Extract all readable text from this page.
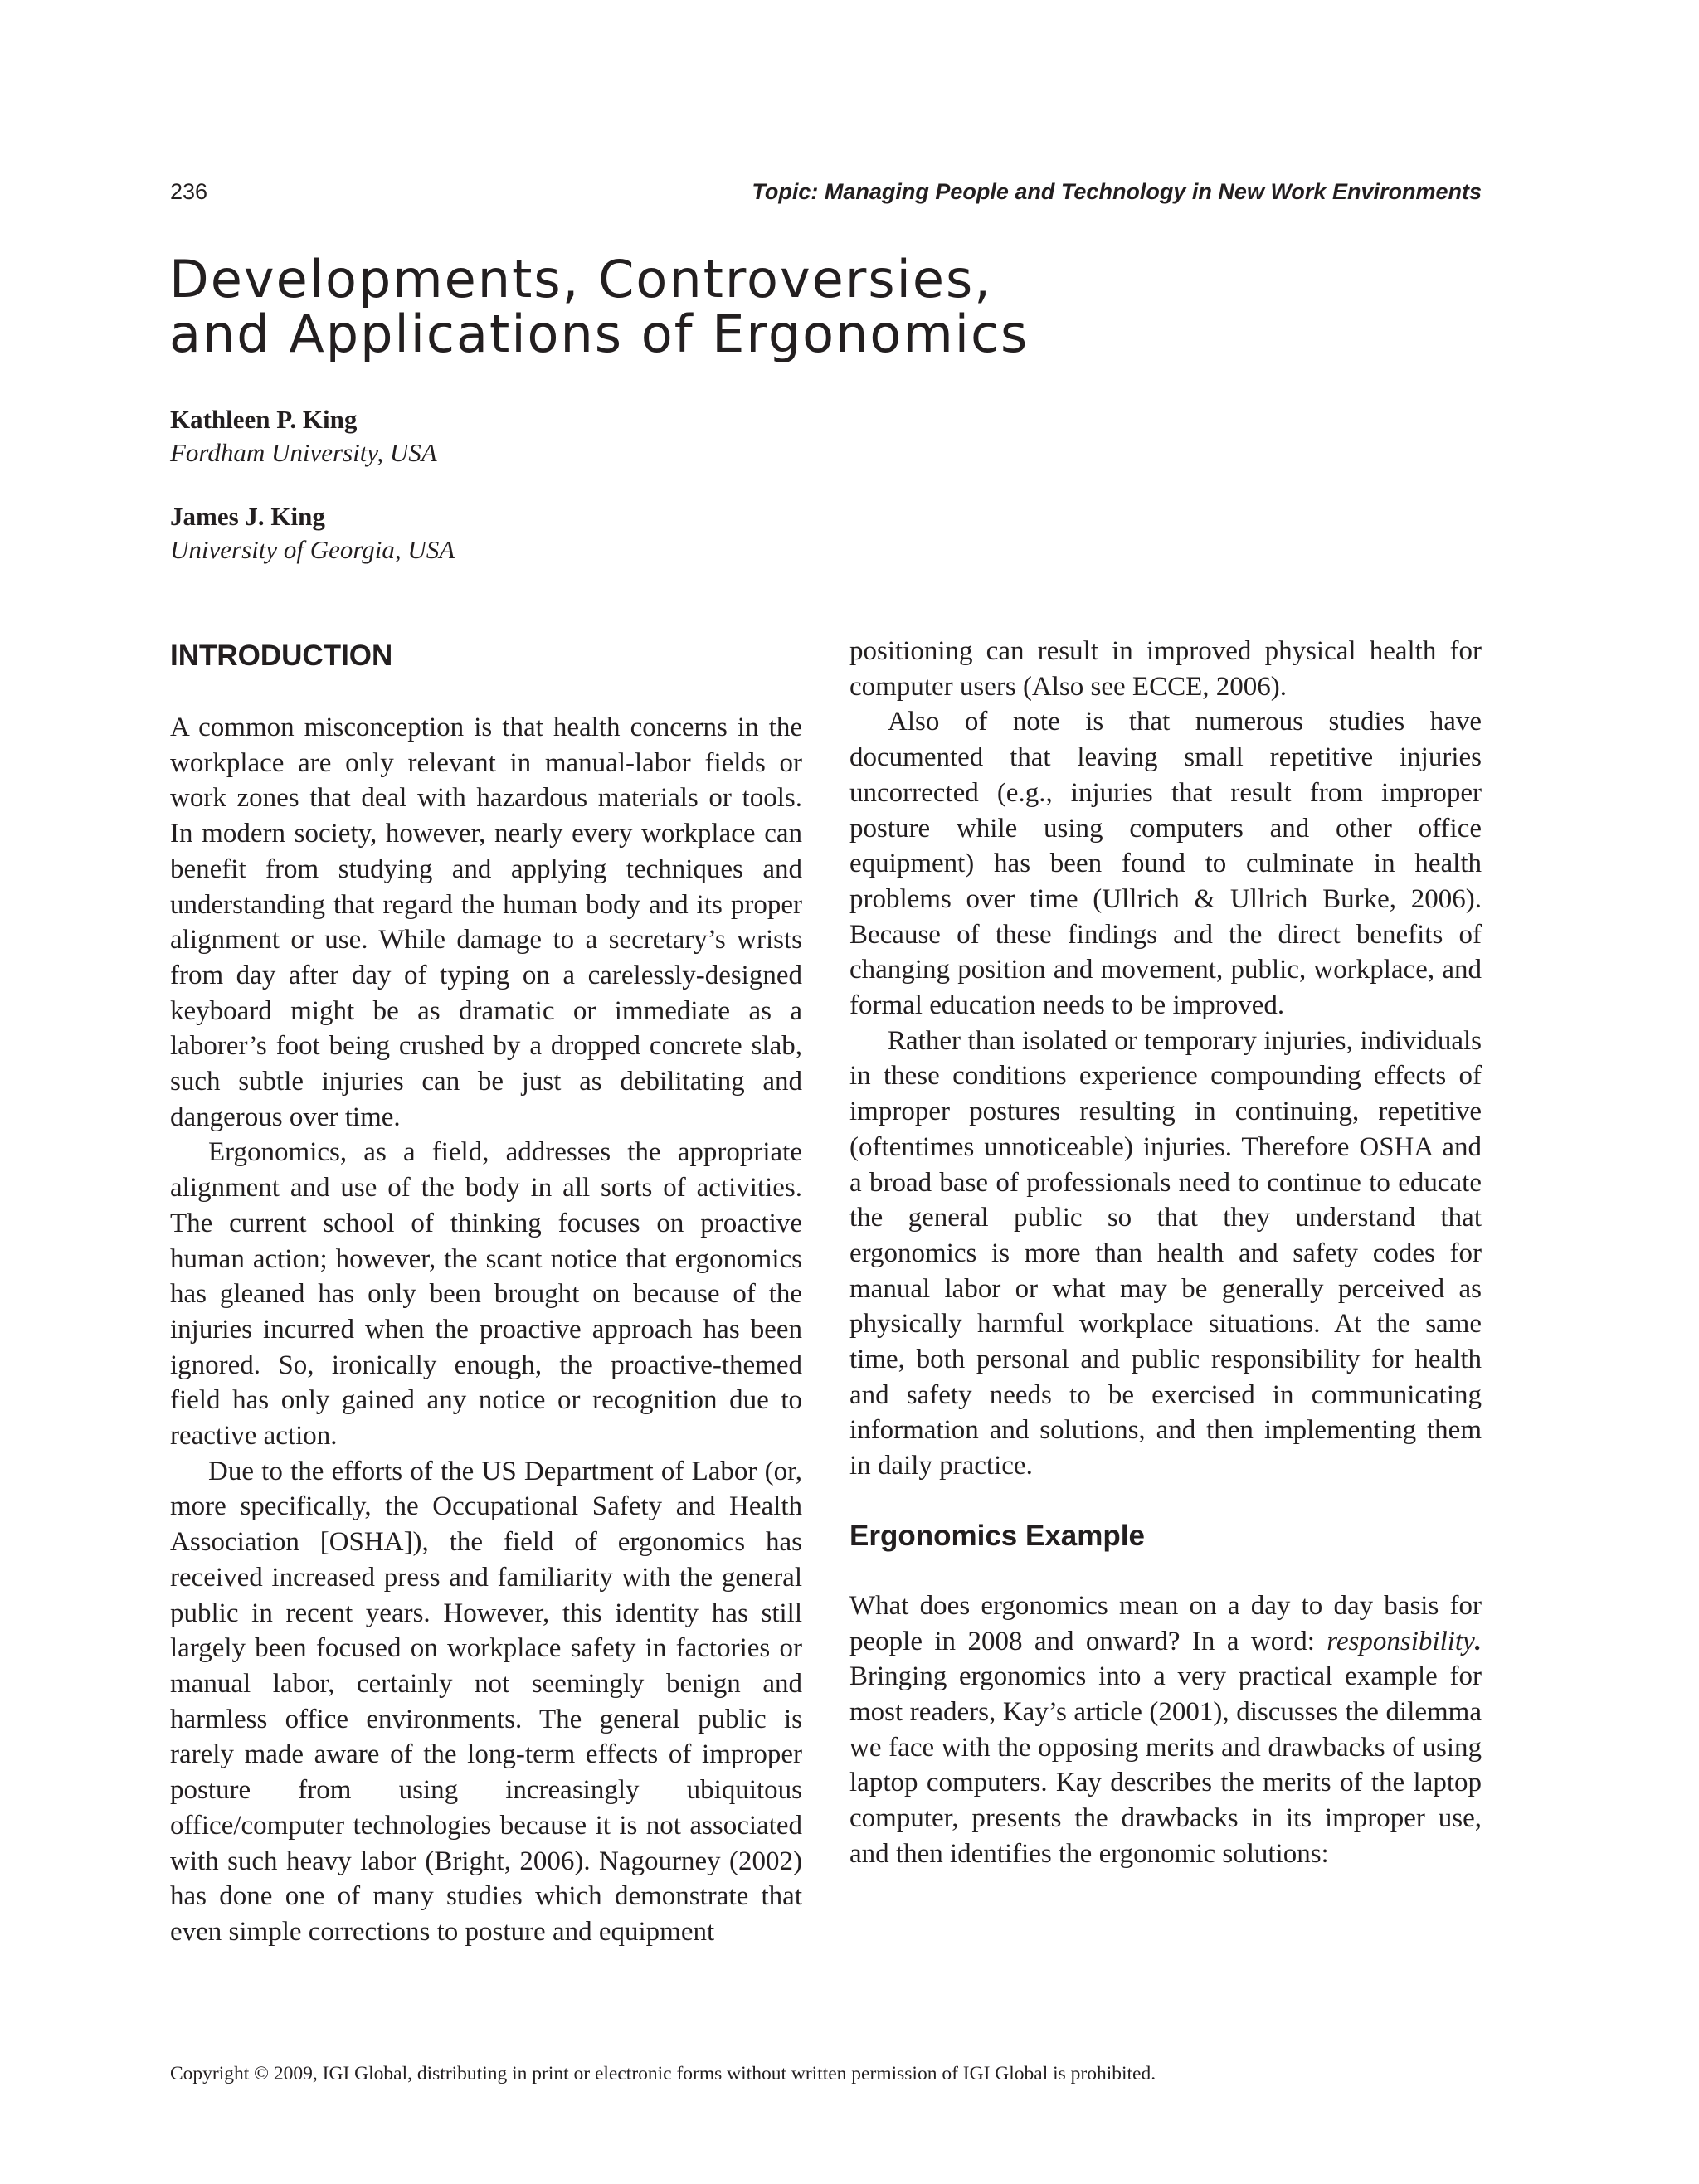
236	Topic: Managing People and Technology in New Work Environments

Developments, Controversies,
and Applications of Ergonomics
Kathleen P. King
Fordham University, USA
James J. King
University of Georgia, USA
INTRODUCTION

A common misconception is that health concerns in the workplace are only relevant in manual-labor fields or work zones that deal with hazardous materials or tools. In modern society, however, nearly every workplace can benefit from studying and applying techniques and understanding that regard the human body and its proper alignment or use. While damage to a secretary’s wrists from day after day of typing on a carelessly-designed keyboard might be as dramatic or immediate as a laborer’s foot being crushed by a dropped concrete slab, such subtle injuries can be just as debilitating and dangerous over time.

Ergonomics, as a field, addresses the appropriate alignment and use of the body in all sorts of activities. The current school of thinking focuses on proactive human action; however, the scant notice that ergonomics has gleaned has only been brought on because of the injuries incurred when the proactive approach has been ignored. So, ironically enough, the proactive-themed field has only gained any notice or recognition due to reactive action.

Due to the efforts of the US Department of Labor (or, more specifically, the Occupational Safety and Health Association [OSHA]), the field of ergonomics has received increased press and familiarity with the general public in recent years. However, this identity has still largely been focused on workplace safety in factories or manual labor, certainly not seemingly benign and harmless office environments. The general public is rarely made aware of the long-term effects of improper posture from using increasingly ubiquitous office/computer technologies because it is not associated with such heavy labor (Bright, 2006). Nagourney (2002) has done one of many studies which demonstrate that even simple corrections to posture and equipment

positioning can result in improved physical health for computer users (Also see ECCE, 2006).

Also of note is that numerous studies have documented that leaving small repetitive injuries uncorrected (e.g., injuries that result from improper posture while using computers and other office equipment) has been found to culminate in health problems over time (Ullrich & Ullrich Burke, 2006). Because of these findings and the direct benefits of changing position and movement, public, workplace, and formal education needs to be improved.

Rather than isolated or temporary injuries, individuals in these conditions experience compounding effects of improper postures resulting in continuing, repetitive (oftentimes unnoticeable) injuries. Therefore OSHA and a broad base of professionals need to continue to educate the general public so that they understand that ergonomics is more than health and safety codes for manual labor or what may be generally perceived as physically harmful workplace situations. At the same time, both personal and public responsibility for health and safety needs to be exercised in communicating information and solutions, and then implementing them in daily practice.

Ergonomics Example

What does ergonomics mean on a day to day basis for people in 2008 and onward? In a word: responsibility. Bringing ergonomics into a very practical example for most readers, Kay’s article (2001), discusses the dilemma we face with the opposing merits and drawbacks of using laptop computers. Kay describes the merits of the laptop computer, presents the drawbacks in its improper use, and then identifies the ergonomic solutions:

Copyright © 2009, IGI Global, distributing in print or electronic forms without written permission of IGI Global is prohibited.
